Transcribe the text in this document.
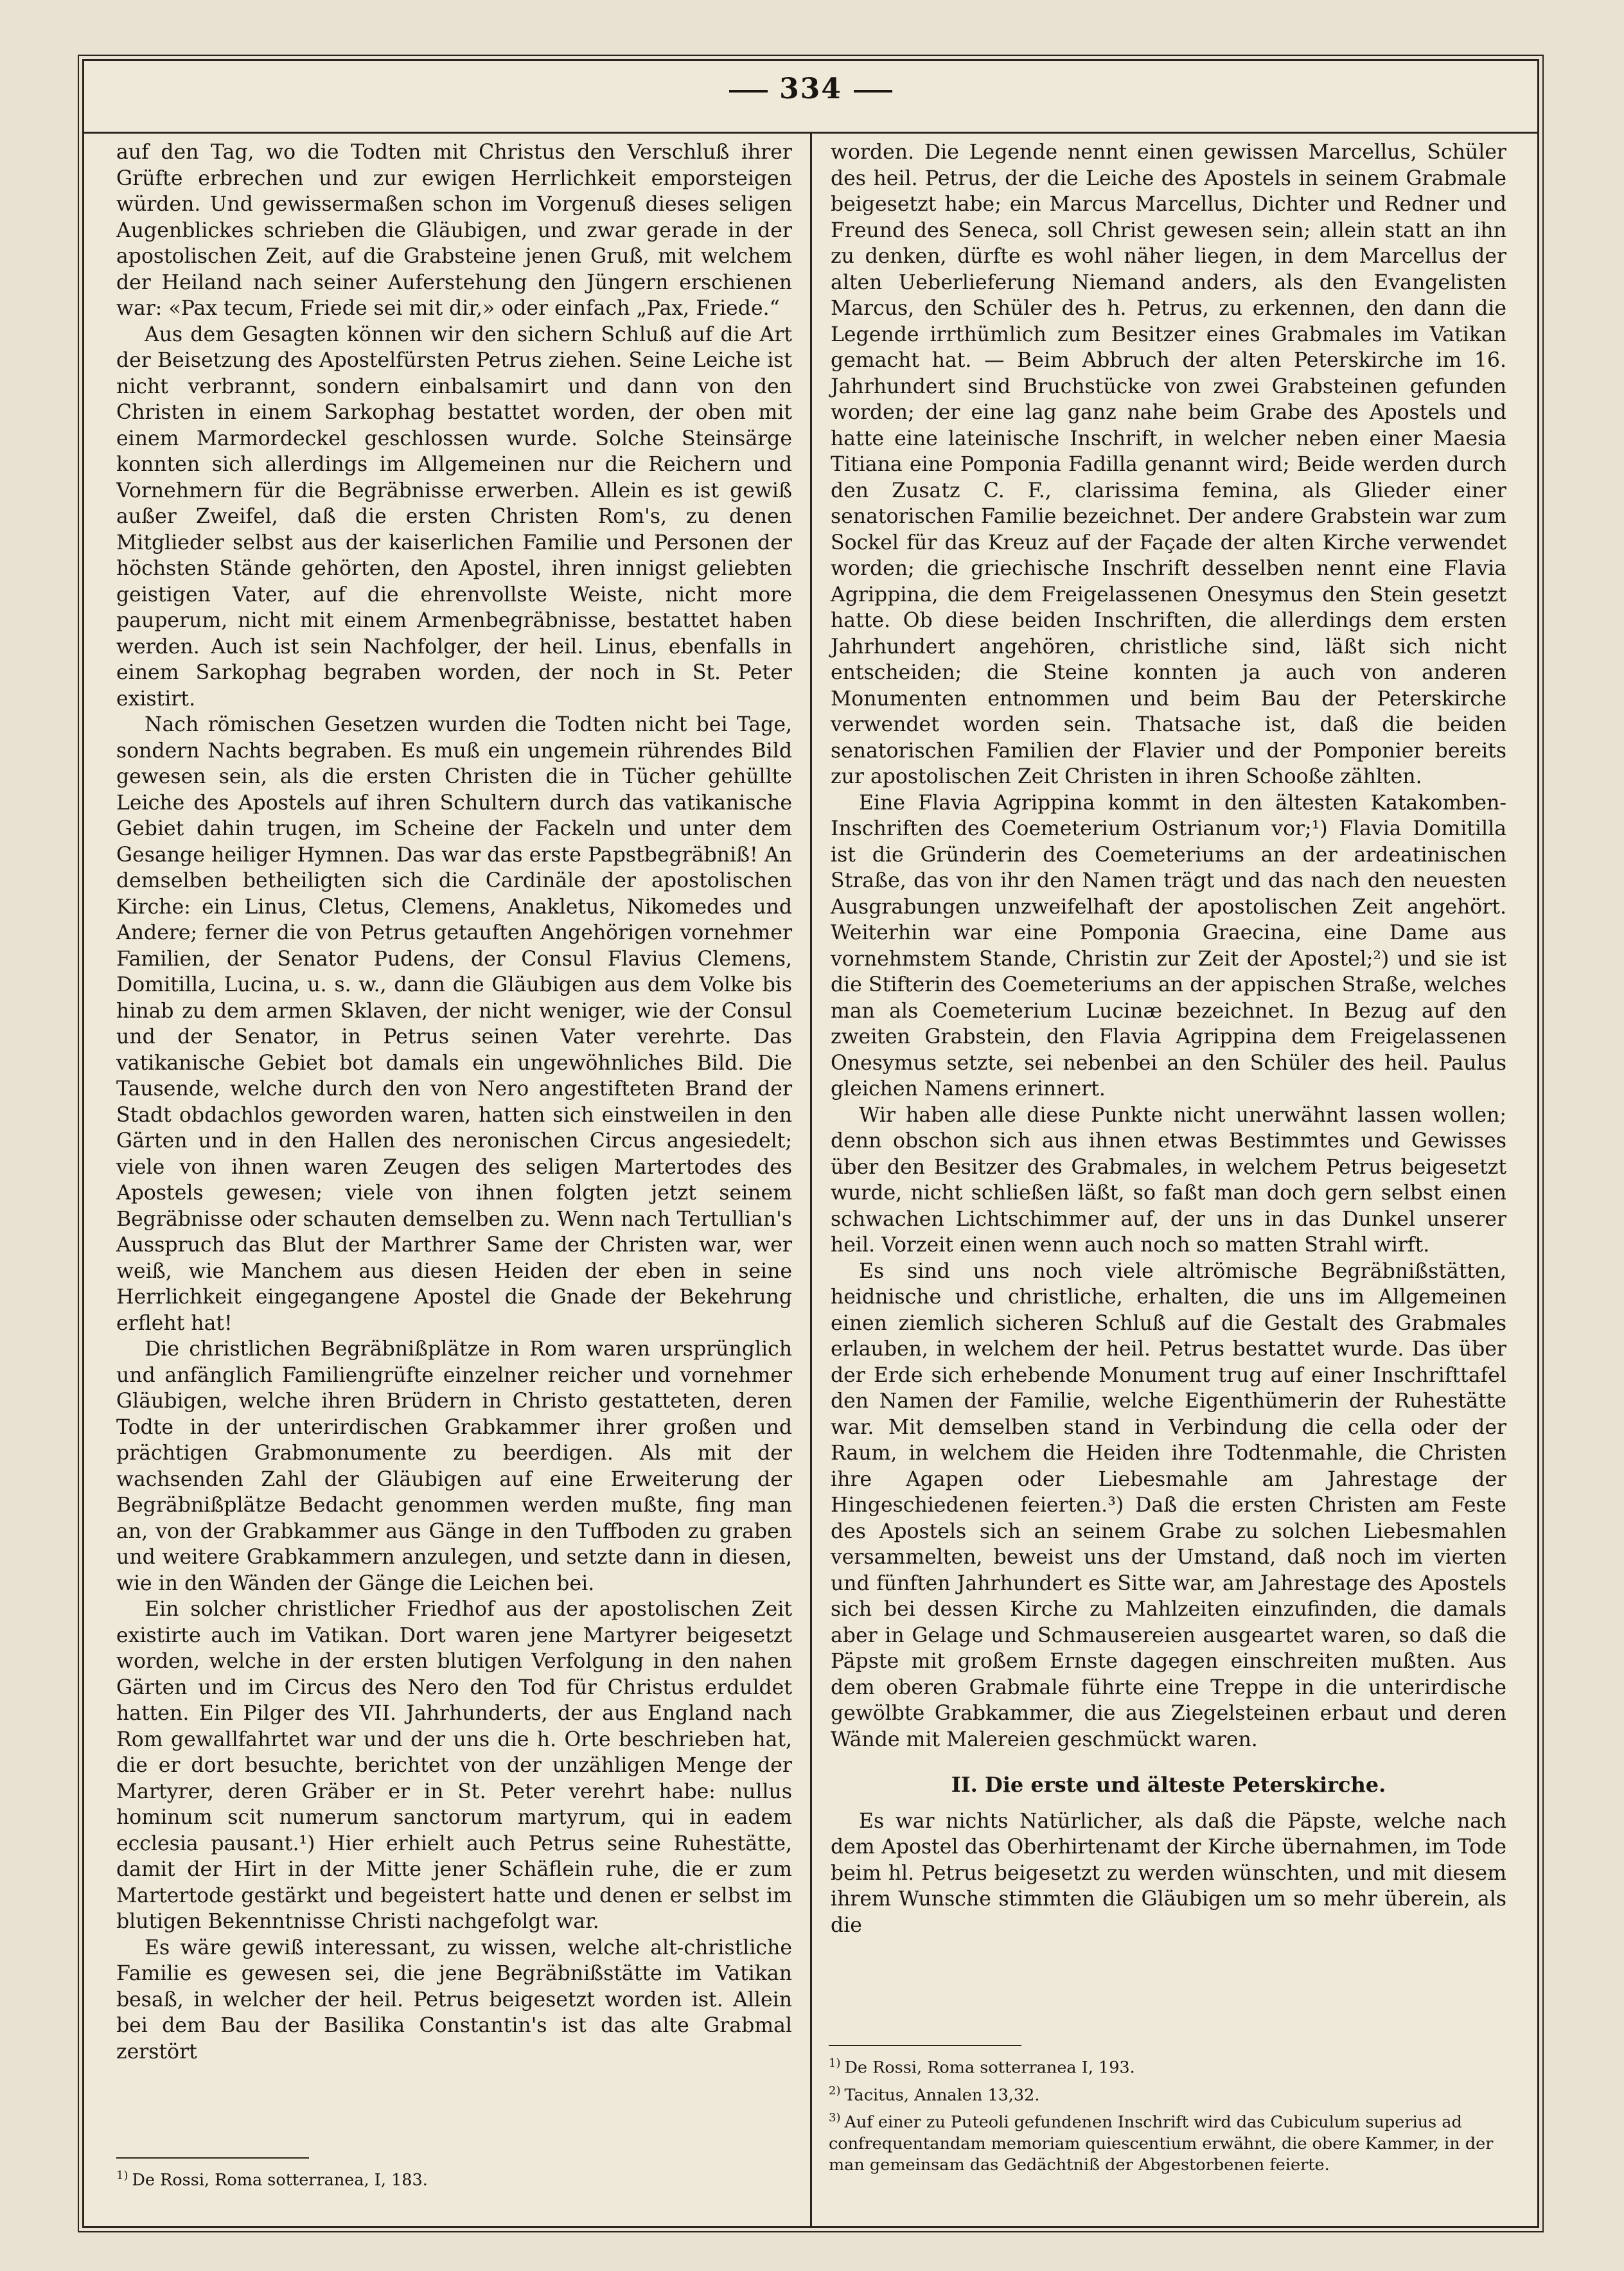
334

auf den Tag, wo die Todten mit Christus den Verschluß ihrer Grüfte erbrechen und zur ewigen Herrlichkeit emporsteigen würden. Und gewissermaßen schon im Vorgenuß dieses seligen Augenblickes schrieben die Gläubigen, und zwar gerade in der apostolischen Zeit, auf die Grabsteine jenen Gruß, mit welchem der Heiland nach seiner Auferstehung den Jüngern erschienen war: «Pax tecum, Friede sei mit dir,» oder einfach „Pax, Friede.“

Aus dem Gesagten können wir den sichern Schluß auf die Art der Beisetzung des Apostelfürsten Petrus ziehen. Seine Leiche ist nicht verbrannt, sondern einbalsamirt und dann von den Christen in einem Sarkophag bestattet worden, der oben mit einem Marmordeckel geschlossen wurde. Solche Steinsärge konnten sich allerdings im Allgemeinen nur die Reichern und Vornehmern für die Begräbnisse erwerben. Allein es ist gewiß außer Zweifel, daß die ersten Christen Rom's, zu denen Mitglieder selbst aus der kaiserlichen Familie und Personen der höchsten Stände gehörten, den Apostel, ihren innigst geliebten geistigen Vater, auf die ehrenvollste Weiste, nicht more pauperum, nicht mit einem Armenbegräbnisse, bestattet haben werden. Auch ist sein Nachfolger, der heil. Linus, ebenfalls in einem Sarkophag begraben worden, der noch in St. Peter existirt.

Nach römischen Gesetzen wurden die Todten nicht bei Tage, sondern Nachts begraben. Es muß ein ungemein rührendes Bild gewesen sein, als die ersten Christen die in Tücher gehüllte Leiche des Apostels auf ihren Schultern durch das vatikanische Gebiet dahin trugen, im Scheine der Fackeln und unter dem Gesange heiliger Hymnen. Das war das erste Papstbegräbniß! An demselben betheiligten sich die Cardinäle der apostolischen Kirche: ein Linus, Cletus, Clemens, Anakletus, Nikomedes und Andere; ferner die von Petrus getauften Angehörigen vornehmer Familien, der Senator Pudens, der Consul Flavius Clemens, Domitilla, Lucina, u. s. w., dann die Gläubigen aus dem Volke bis hinab zu dem armen Sklaven, der nicht weniger, wie der Consul und der Senator, in Petrus seinen Vater verehrte. Das vatikanische Gebiet bot damals ein ungewöhnliches Bild. Die Tausende, welche durch den von Nero angestifteten Brand der Stadt obdachlos geworden waren, hatten sich einstweilen in den Gärten und in den Hallen des neronischen Circus angesiedelt; viele von ihnen waren Zeugen des seligen Martertodes des Apostels gewesen; viele von ihnen folgten jetzt seinem Begräbnisse oder schauten demselben zu. Wenn nach Tertullian's Ausspruch das Blut der Marthrer Same der Christen war, wer weiß, wie Manchem aus diesen Heiden der eben in seine Herrlichkeit eingegangene Apostel die Gnade der Bekehrung erfleht hat!

Die christlichen Begräbnißplätze in Rom waren ursprünglich und anfänglich Familiengrüfte einzelner reicher und vornehmer Gläubigen, welche ihren Brüdern in Christo gestatteten, deren Todte in der unterirdischen Grabkammer ihrer großen und prächtigen Grabmonumente zu beerdigen. Als mit der wachsenden Zahl der Gläubigen auf eine Erweiterung der Begräbnißplätze Bedacht genommen werden mußte, fing man an, von der Grabkammer aus Gänge in den Tuffboden zu graben und weitere Grabkammern anzulegen, und setzte dann in diesen, wie in den Wänden der Gänge die Leichen bei.

Ein solcher christlicher Friedhof aus der apostolischen Zeit existirte auch im Vatikan. Dort waren jene Martyrer beigesetzt worden, welche in der ersten blutigen Verfolgung in den nahen Gärten und im Circus des Nero den Tod für Christus erduldet hatten. Ein Pilger des VII. Jahrhunderts, der aus England nach Rom gewallfahrtet war und der uns die h. Orte beschrieben hat, die er dort besuchte, berichtet von der unzähligen Menge der Martyrer, deren Gräber er in St. Peter verehrt habe: nullus hominum scit numerum sanctorum martyrum, qui in eadem ecclesia pausant.¹) Hier erhielt auch Petrus seine Ruhestätte, damit der Hirt in der Mitte jener Schäflein ruhe, die er zum Martertode gestärkt und begeistert hatte und denen er selbst im blutigen Bekenntnisse Christi nachgefolgt war.

Es wäre gewiß interessant, zu wissen, welche alt-christliche Familie es gewesen sei, die jene Begräbnißstätte im Vatikan besaß, in welcher der heil. Petrus beigesetzt worden ist. Allein bei dem Bau der Basilika Constantin's ist das alte Grabmal zerstört

worden. Die Legende nennt einen gewissen Marcellus, Schüler des heil. Petrus, der die Leiche des Apostels in seinem Grabmale beigesetzt habe; ein Marcus Marcellus, Dichter und Redner und Freund des Seneca, soll Christ gewesen sein; allein statt an ihn zu denken, dürfte es wohl näher liegen, in dem Marcellus der alten Ueberlieferung Niemand anders, als den Evangelisten Marcus, den Schüler des h. Petrus, zu erkennen, den dann die Legende irrthümlich zum Besitzer eines Grabmales im Vatikan gemacht hat. — Beim Abbruch der alten Peterskirche im 16. Jahrhundert sind Bruchstücke von zwei Grabsteinen gefunden worden; der eine lag ganz nahe beim Grabe des Apostels und hatte eine lateinische Inschrift, in welcher neben einer Maesia Titiana eine Pomponia Fadilla genannt wird; Beide werden durch den Zusatz C. F., clarissima femina, als Glieder einer senatorischen Familie bezeichnet. Der andere Grabstein war zum Sockel für das Kreuz auf der Façade der alten Kirche verwendet worden; die griechische Inschrift desselben nennt eine Flavia Agrippina, die dem Freigelassenen Onesymus den Stein gesetzt hatte. Ob diese beiden Inschriften, die allerdings dem ersten Jahrhundert angehören, christliche sind, läßt sich nicht entscheiden; die Steine konnten ja auch von anderen Monumenten entnommen und beim Bau der Peterskirche verwendet worden sein. Thatsache ist, daß die beiden senatorischen Familien der Flavier und der Pomponier bereits zur apostolischen Zeit Christen in ihren Schooße zählten.

Eine Flavia Agrippina kommt in den ältesten Katakomben-Inschriften des Coemeterium Ostrianum vor;¹) Flavia Domitilla ist die Gründerin des Coemeteriums an der ardeatinischen Straße, das von ihr den Namen trägt und das nach den neuesten Ausgrabungen unzweifelhaft der apostolischen Zeit angehört. Weiterhin war eine Pomponia Graecina, eine Dame aus vornehmstem Stande, Christin zur Zeit der Apostel;²) und sie ist die Stifterin des Coemeteriums an der appischen Straße, welches man als Coemeterium Lucinæ bezeichnet. In Bezug auf den zweiten Grabstein, den Flavia Agrippina dem Freigelassenen Onesymus setzte, sei nebenbei an den Schüler des heil. Paulus gleichen Namens erinnert.

Wir haben alle diese Punkte nicht unerwähnt lassen wollen; denn obschon sich aus ihnen etwas Bestimmtes und Gewisses über den Besitzer des Grabmales, in welchem Petrus beigesetzt wurde, nicht schließen läßt, so faßt man doch gern selbst einen schwachen Lichtschimmer auf, der uns in das Dunkel unserer heil. Vorzeit einen wenn auch noch so matten Strahl wirft.

Es sind uns noch viele altrömische Begräbnißstätten, heidnische und christliche, erhalten, die uns im Allgemeinen einen ziemlich sicheren Schluß auf die Gestalt des Grabmales erlauben, in welchem der heil. Petrus bestattet wurde. Das über der Erde sich erhebende Monument trug auf einer Inschrifttafel den Namen der Familie, welche Eigenthümerin der Ruhestätte war. Mit demselben stand in Verbindung die cella oder der Raum, in welchem die Heiden ihre Todtenmahle, die Christen ihre Agapen oder Liebesmahle am Jahrestage der Hingeschiedenen feierten.³) Daß die ersten Christen am Feste des Apostels sich an seinem Grabe zu solchen Liebesmahlen versammelten, beweist uns der Umstand, daß noch im vierten und fünften Jahrhundert es Sitte war, am Jahrestage des Apostels sich bei dessen Kirche zu Mahlzeiten einzufinden, die damals aber in Gelage und Schmausereien ausgeartet waren, so daß die Päpste mit großem Ernste dagegen einschreiten mußten. Aus dem oberen Grabmale führte eine Treppe in die unterirdische gewölbte Grabkammer, die aus Ziegelsteinen erbaut und deren Wände mit Malereien geschmückt waren.

II. Die erste und älteste Peterskirche.

Es war nichts Natürlicher, als daß die Päpste, welche nach dem Apostel das Oberhirtenamt der Kirche übernahmen, im Tode beim hl. Petrus beigesetzt zu werden wünschten, und mit diesem ihrem Wunsche stimmten die Gläubigen um so mehr überein, als die

$^{1)}$ De Rossi, Roma sotterranea, I, 183.

$^{1)}$ De Rossi, Roma sotterranea I, 193.

$^{2)}$ Tacitus, Annalen 13,32.

$^{3)}$ Auf einer zu Puteoli gefundenen Inschrift wird das Cubiculum superius ad confrequentandam memoriam quiescentium erwähnt, die obere Kammer, in der man gemeinsam das Gedächtniß der Abgestorbenen feierte.
